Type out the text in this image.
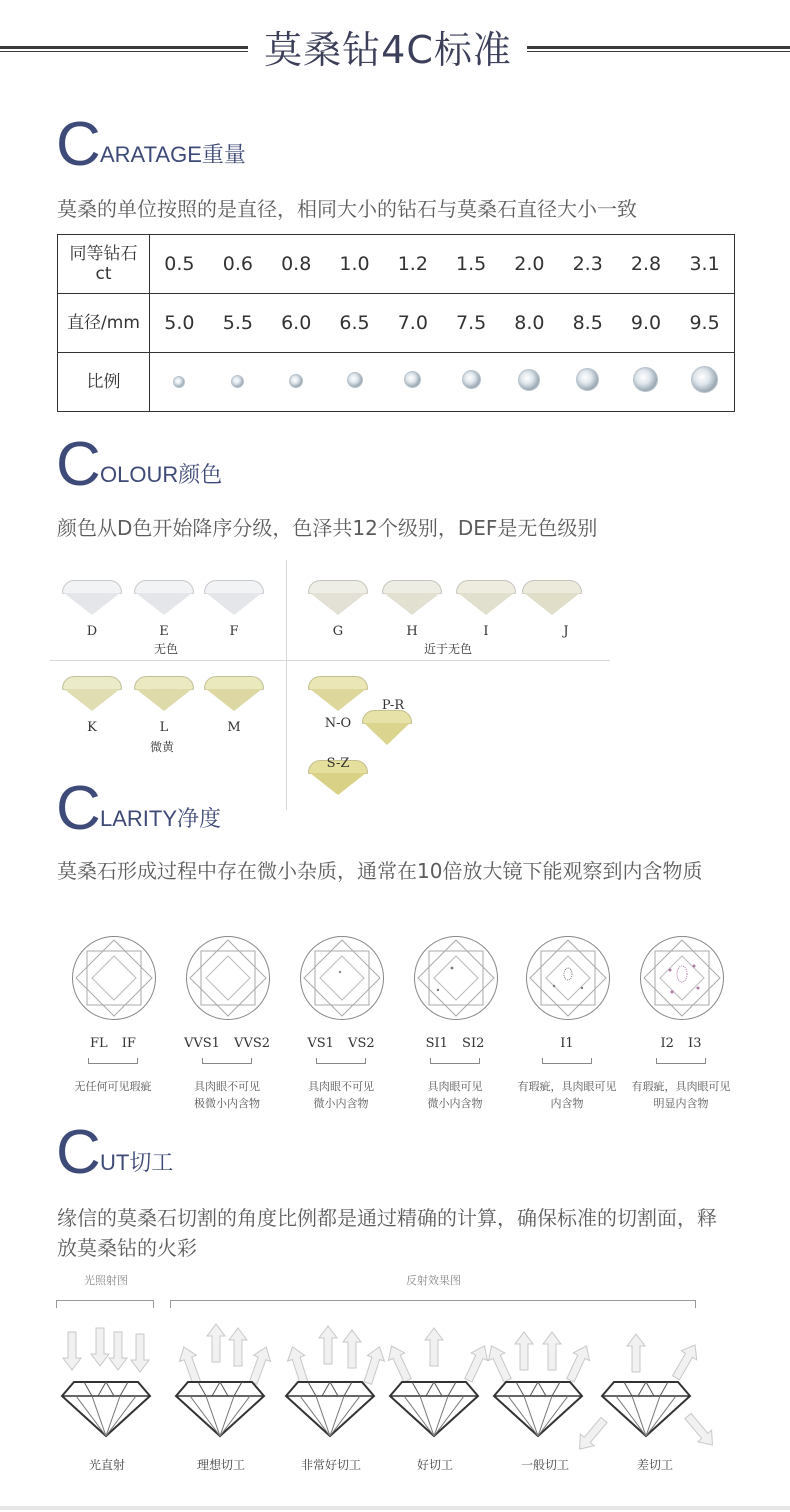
莫桑钻4C标准
C ARATAGE重量
莫桑的单位按照的是直径，相同大小的钻石与莫桑石直径大小一致
同等钻石
ct	0.5	0.6	0.8	1.0	1.2	1.5	2.0	2.3	2.8	3.1
直径/mm	5.0	5.5	6.0	6.5	7.0	7.5	8.0	8.5	9.0	9.5
比例										
C OLOUR颜色
颜色从D色开始降序分级，色泽共12个级别，DEF是无色级别
D	E	F
无色
G	H	I	J
近于无色
K	L	M
微黄
N-O
P-R
S-Z
C LARITY净度
莫桑石形成过程中存在微小杂质，通常在10倍放大镜下能观察到内含物质
FL IF
无任何可见瑕疵
VVS1 VVS2
具肉眼不可见
极微小内含物
VS1 VS2
具肉眼不可见
微小内含物
SI1 SI2
具肉眼可见
微小内含物
I1
有瑕疵，具肉眼可见
内含物
I2 I3
有瑕疵，具肉眼可见
明显内含物
C UT切工
缘信的莫桑石切割的角度比例都是通过精确的计算，确保标准的切割面，释放莫桑钻的火彩
光照射图	反射效果图
光直射	理想切工	非常好切工	好切工	一般切工	差切工
